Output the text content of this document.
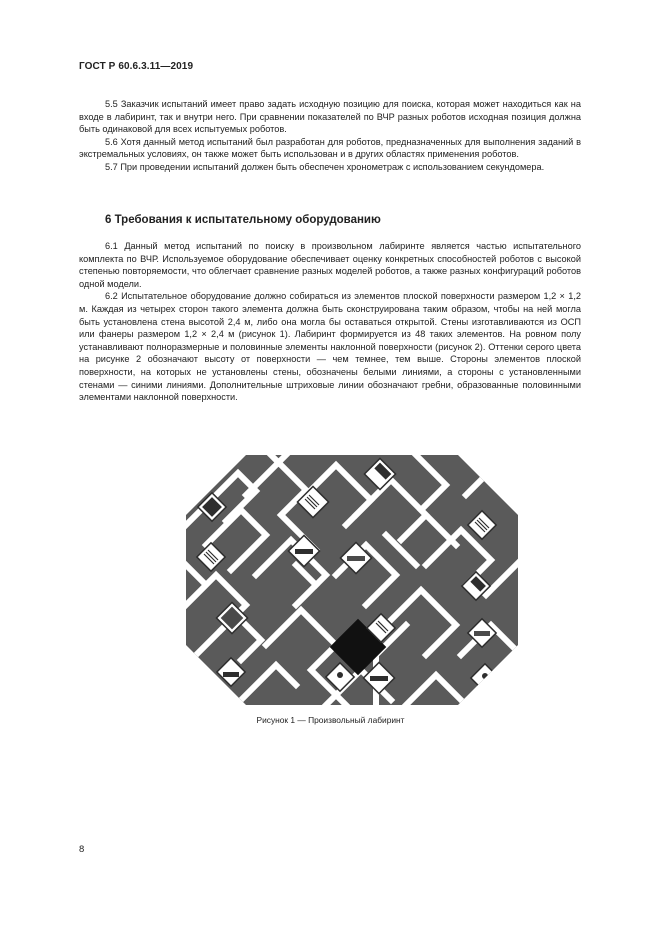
ГОСТ Р 60.6.3.11—2019

5.5 Заказчик испытаний имеет право задать исходную позицию для поиска, которая может находиться как на входе в лабиринт, так и внутри него. При сравнении показателей по ВЧР разных роботов исходная позиция должна быть одинаковой для всех испытуемых роботов.

5.6 Хотя данный метод испытаний был разработан для роботов, предназначенных для выполнения заданий в экстремальных условиях, он также может быть использован и в других областях применения роботов.

5.7 При проведении испытаний должен быть обеспечен хронометраж с использованием секундомера.

6 Требования к испытательному оборудованию

6.1 Данный метод испытаний по поиску в произвольном лабиринте является частью испытательного комплекта по ВЧР. Используемое оборудование обеспечивает оценку конкретных способностей роботов с высокой степенью повторяемости, что облегчает сравнение разных моделей роботов, а также разных конфигураций роботов одной модели.

6.2 Испытательное оборудование должно собираться из элементов плоской поверхности размером 1,2 × 1,2 м. Каждая из четырех сторон такого элемента должна быть сконструирована таким образом, чтобы на ней могла быть установлена стена высотой 2,4 м, либо она могла бы оставаться открытой. Стены изготавливаются из ОСП или фанеры размером 1,2 × 2,4 м (рисунок 1). Лабиринт формируется из 48 таких элементов. На ровном полу устанавливают полноразмерные и половинные элементы наклонной поверхности (рисунок 2). Оттенки серого цвета на рисунке 2 обозначают высоту от поверхности — чем темнее, тем выше. Стороны элементов плоской поверхности, на которых не установлены стены, обозначены белыми линиями, а стороны с установленными стенами — синими линиями. Дополнительные штриховые линии обозначают гребни, образованные половинными элементами наклонной поверхности.

Рисунок 1 — Произвольный лабиринт
8
